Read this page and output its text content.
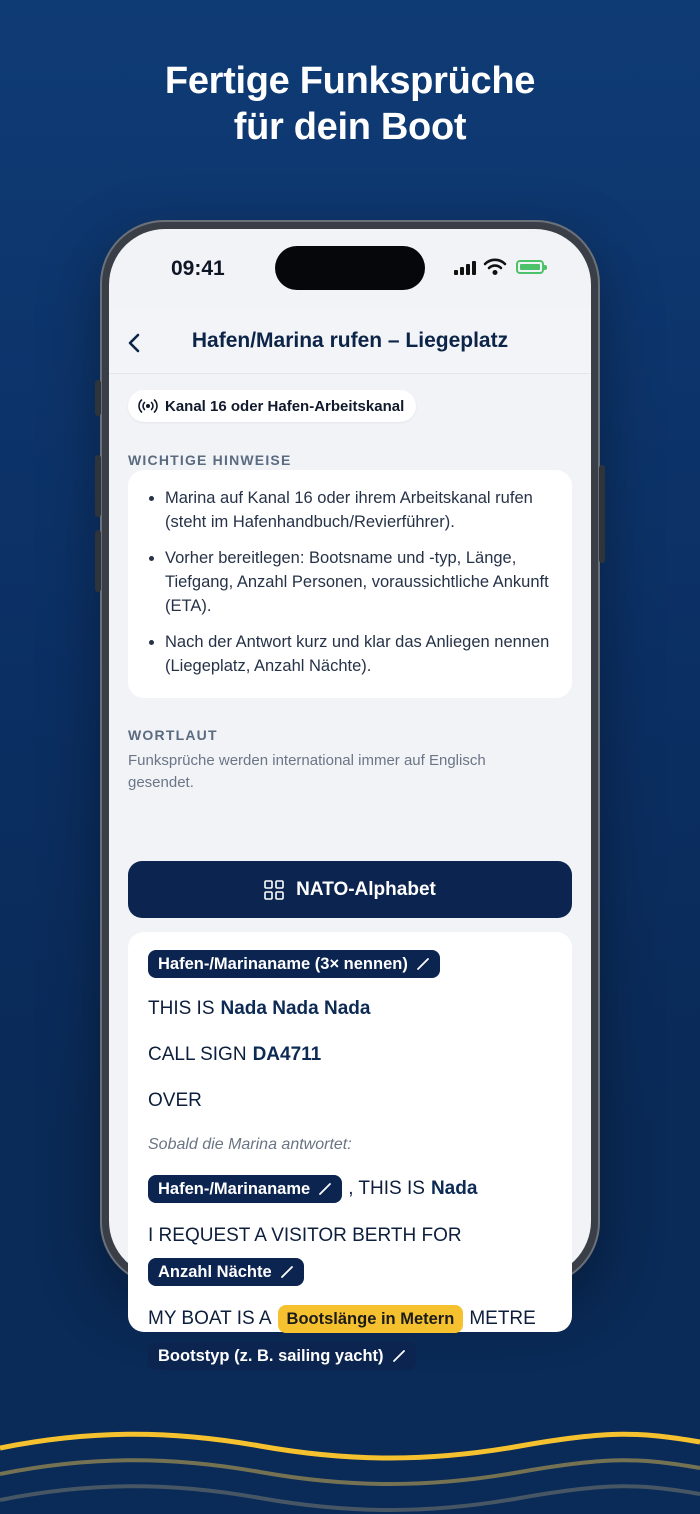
Fertige Funksprüche
für dein Boot
09:41
Hafen/Marina rufen – Liegeplatz
Kanal 16 oder Hafen-Arbeitskanal
WICHTIGE HINWEISE
• Marina auf Kanal 16 oder ihrem Arbeitskanal rufen (steht im Hafenhandbuch/Revierführer).
• Vorher bereitlegen: Bootsname und -typ, Länge, Tiefgang, Anzahl Personen, voraussichtliche Ankunft (ETA).
• Nach der Antwort kurz und klar das Anliegen nennen (Liegeplatz, Anzahl Nächte).
WORTLAUT
Funksprüche werden international immer auf Englisch gesendet.
NATO-Alphabet
Hafen-/Marinaname (3× nennen)
THIS IS Nada Nada Nada
CALL SIGN DA4711
OVER
Sobald die Marina antwortet:
Hafen-/Marinaname , THIS IS Nada
I REQUEST A VISITOR BERTH FOR
Anzahl Nächte
MY BOAT IS A Bootslänge in Metern METRE
Bootstyp (z. B. sailing yacht)
